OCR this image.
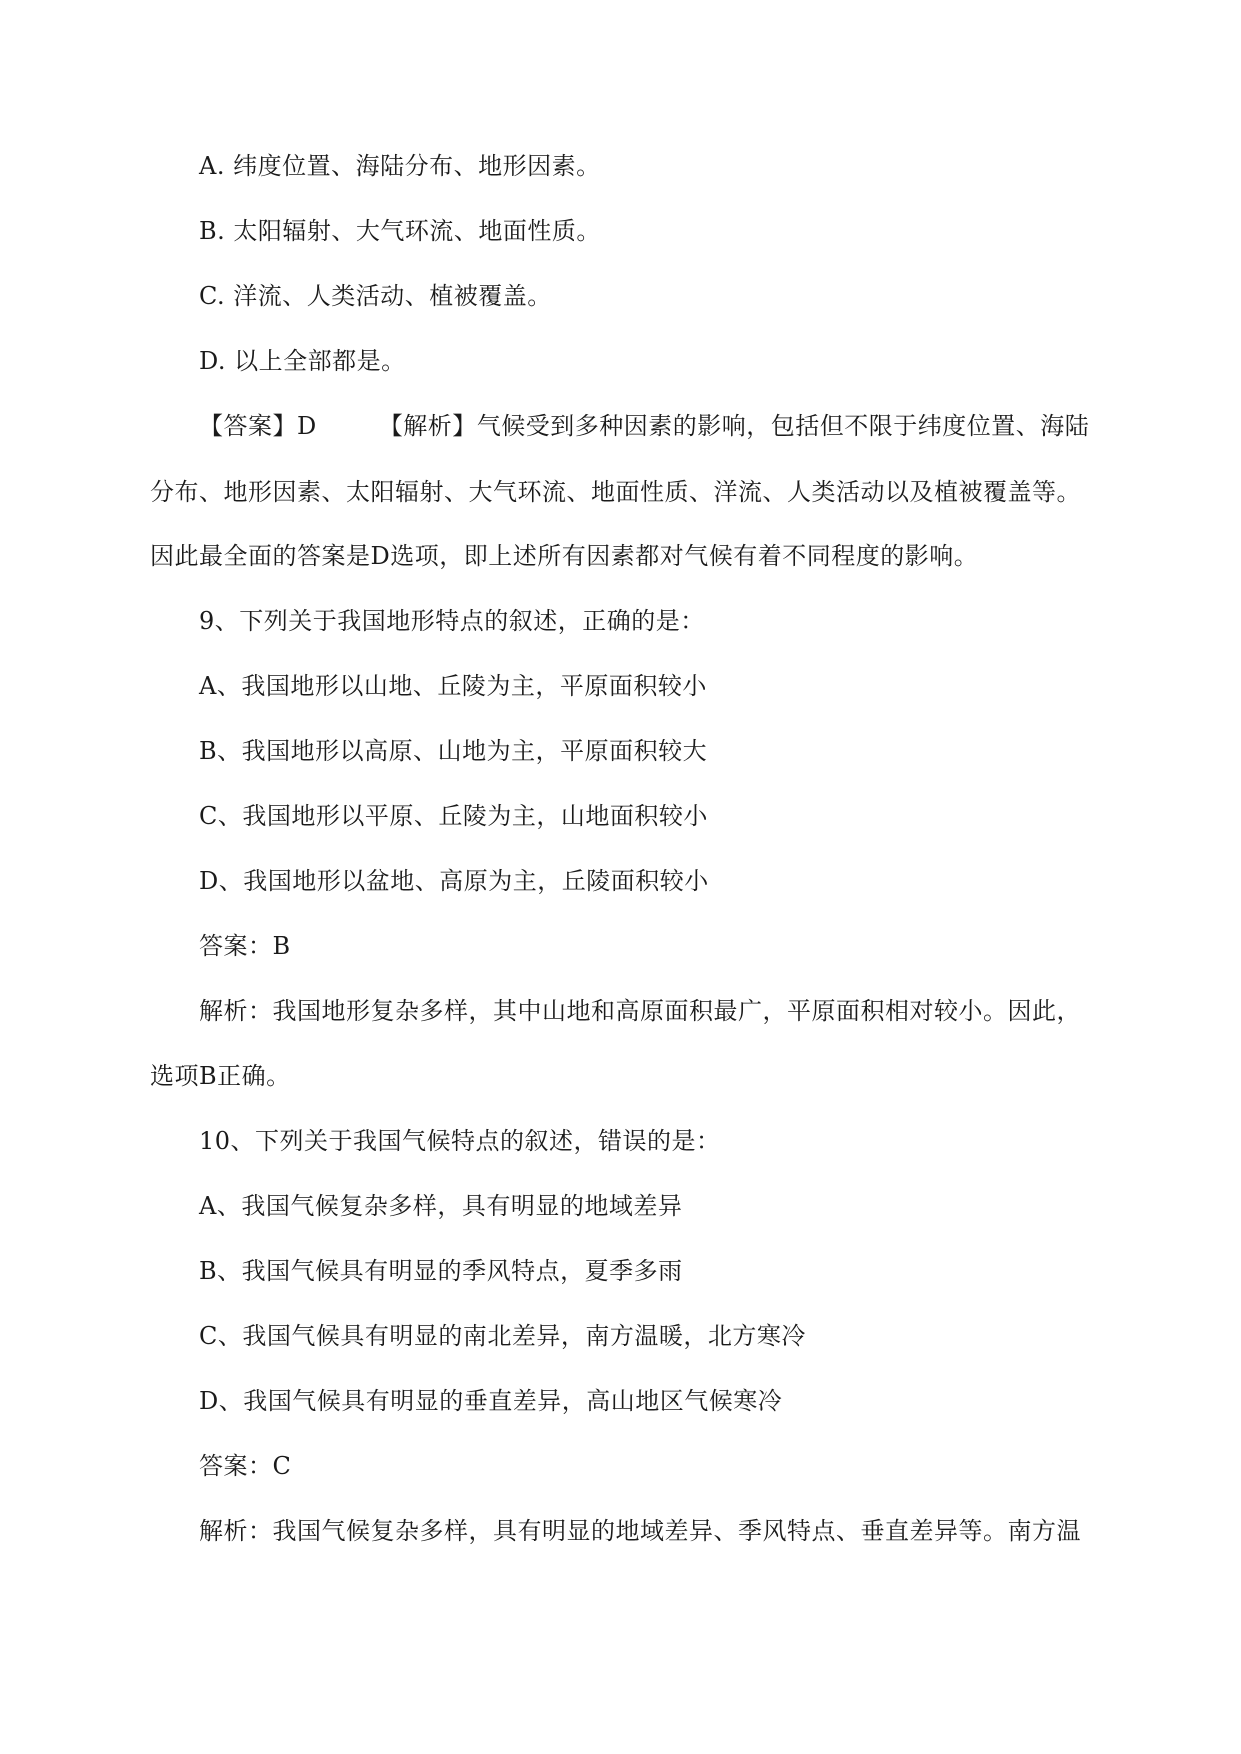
A. 纬度位置、海陆分布、地形因素。
B. 太阳辐射、大气环流、地面性质。
C. 洋流、人类活动、植被覆盖。
D. 以上全部都是。
【答案】D	【解析】气候受到多种因素的影响，包括但不限于纬度位置、海陆
分布、地形因素、太阳辐射、大气环流、地面性质、洋流、人类活动以及植被覆盖等。
因此最全面的答案是D选项，即上述所有因素都对气候有着不同程度的影响。
9、下列关于我国地形特点的叙述，正确的是：
A、我国地形以山地、丘陵为主，平原面积较小
B、我国地形以高原、山地为主，平原面积较大
C、我国地形以平原、丘陵为主，山地面积较小
D、我国地形以盆地、高原为主，丘陵面积较小
答案：B
解析：我国地形复杂多样，其中山地和高原面积最广，平原面积相对较小。因此，
选项B正确。
10、下列关于我国气候特点的叙述，错误的是：
A、我国气候复杂多样，具有明显的地域差异
B、我国气候具有明显的季风特点，夏季多雨
C、我国气候具有明显的南北差异，南方温暖，北方寒冷
D、我国气候具有明显的垂直差异，高山地区气候寒冷
答案：C
解析：我国气候复杂多样，具有明显的地域差异、季风特点、垂直差异等。南方温
